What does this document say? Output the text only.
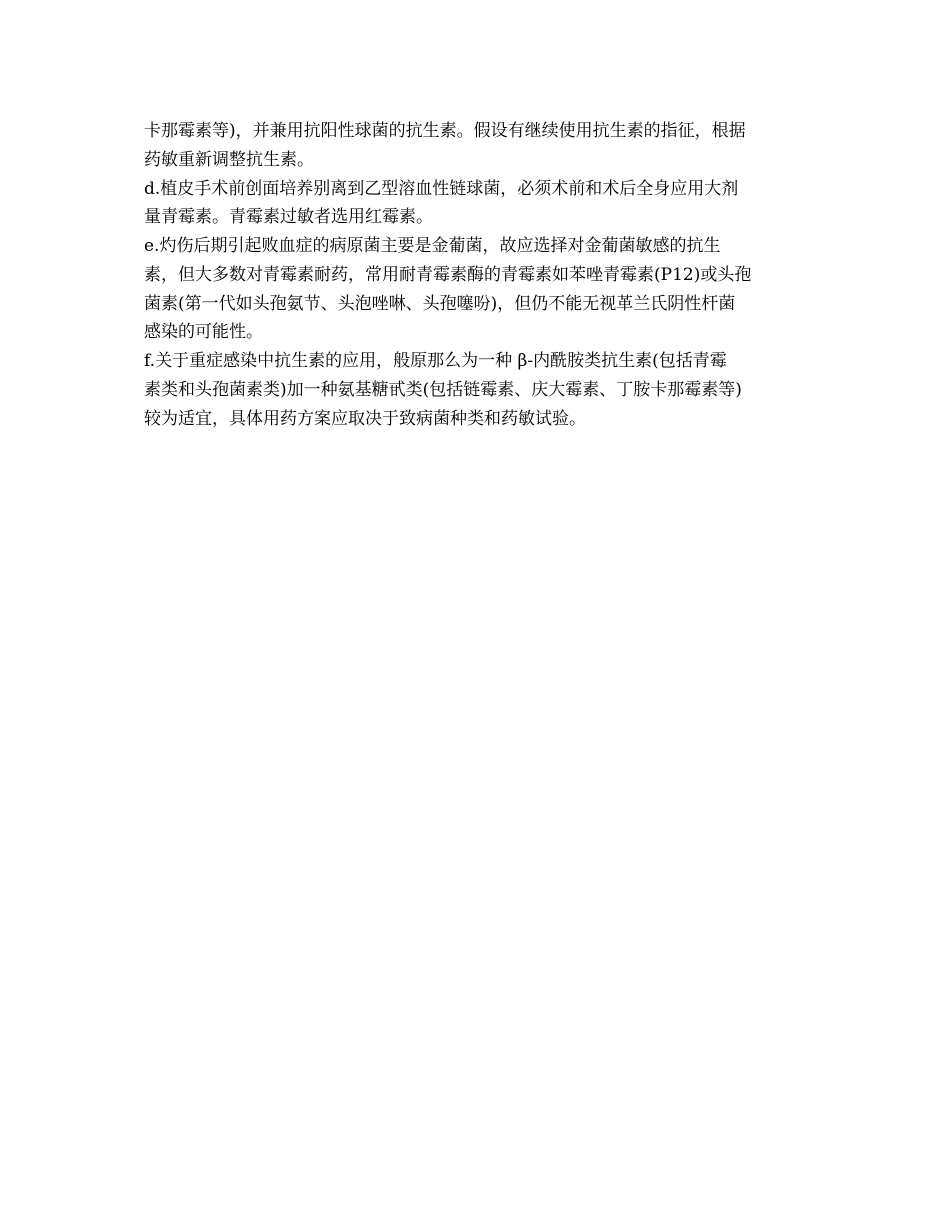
卡那霉素等)，并兼用抗阳性球菌的抗生素。假设有继续使用抗生素的指征，根据
药敏重新调整抗生素。
d.植皮手术前创面培养别离到乙型溶血性链球菌，必须术前和术后全身应用大剂
量青霉素。青霉素过敏者选用红霉素。
e.灼伤后期引起败血症的病原菌主要是金葡菌，故应选择对金葡菌敏感的抗生
素，但大多数对青霉素耐药，常用耐青霉素酶的青霉素如苯唑青霉素(P12)或头孢
菌素(第一代如头孢氨节、头泡唑啉、头孢噻吩)，但仍不能无视革兰氏阴性杆菌
感染的可能性。
f.关于重症感染中抗生素的应用，般原那么为一种 β-内酰胺类抗生素(包括青霉
素类和头孢菌素类)加一种氨基糖甙类(包括链霉素、庆大霉素、丁胺卡那霉素等)
较为适宜，具体用药方案应取决于致病菌种类和药敏试验。
